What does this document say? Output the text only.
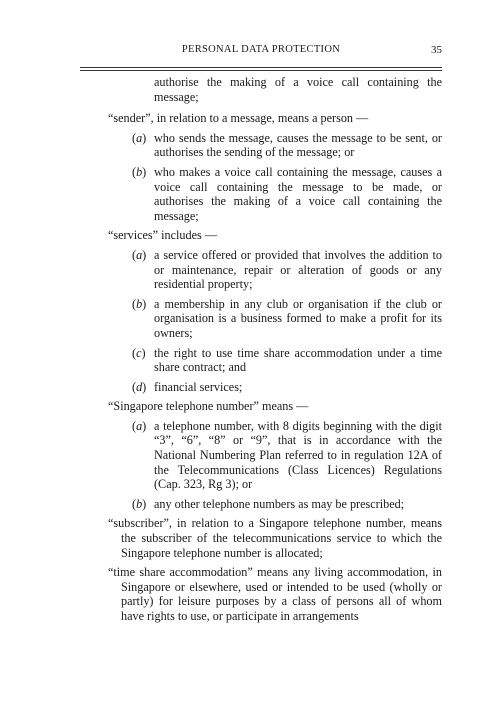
PERSONAL DATA PROTECTION	35
authorise the making of a voice call containing the message;
“sender”, in relation to a message, means a person —
(a) who sends the message, causes the message to be sent, or authorises the sending of the message; or
(b) who makes a voice call containing the message, causes a voice call containing the message to be made, or authorises the making of a voice call containing the message;
“services” includes —
(a) a service offered or provided that involves the addition to or maintenance, repair or alteration of goods or any residential property;
(b) a membership in any club or organisation if the club or organisation is a business formed to make a profit for its owners;
(c) the right to use time share accommodation under a time share contract; and
(d) financial services;
“Singapore telephone number” means —
(a) a telephone number, with 8 digits beginning with the digit “3”, “6”, “8” or “9”, that is in accordance with the National Numbering Plan referred to in regulation 12A of the Telecommunications (Class Licences) Regulations (Cap. 323, Rg 3); or
(b) any other telephone numbers as may be prescribed;
“subscriber”, in relation to a Singapore telephone number, means the subscriber of the telecommunications service to which the Singapore telephone number is allocated;
“time share accommodation” means any living accommodation, in Singapore or elsewhere, used or intended to be used (wholly or partly) for leisure purposes by a class of persons all of whom have rights to use, or participate in arrangements
